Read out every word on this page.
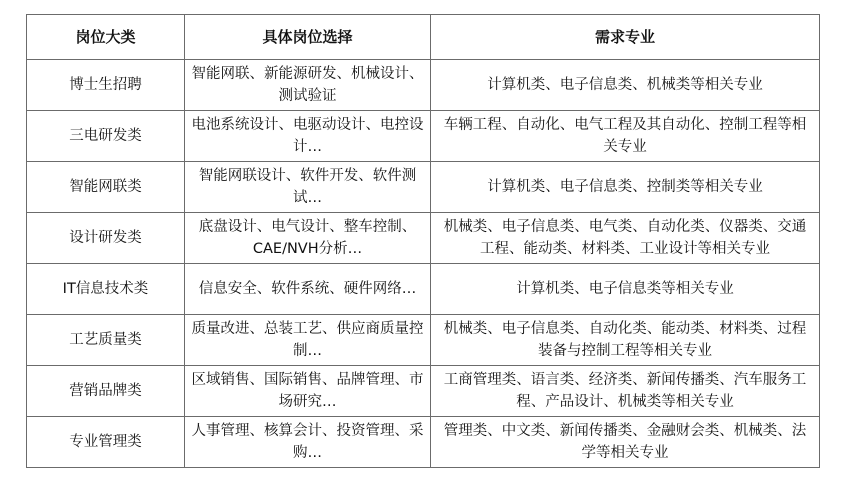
岗位大类	具体岗位选择	需求专业
博士生招聘	智能网联、新能源研发、机械设计、测试验证	计算机类、电子信息类、机械类等相关专业
三电研发类	电池系统设计、电驱动设计、电控设计…	车辆工程、自动化、电气工程及其自动化、控制工程等相关专业
智能网联类	智能网联设计、软件开发、软件测试…	计算机类、电子信息类、控制类等相关专业
设计研发类	底盘设计、电气设计、整车控制、CAE/NVH分析…	机械类、电子信息类、电气类、自动化类、仪器类、交通工程、能动类、材料类、工业设计等相关专业
IT信息技术类	信息安全、软件系统、硬件网络…	计算机类、电子信息类等相关专业
工艺质量类	质量改进、总装工艺、供应商质量控制…	机械类、电子信息类、自动化类、能动类、材料类、过程装备与控制工程等相关专业
营销品牌类	区域销售、国际销售、品牌管理、市场研究…	工商管理类、语言类、经济类、新闻传播类、汽车服务工程、产品设计、机械类等相关专业
专业管理类	人事管理、核算会计、投资管理、采购…	管理类、中文类、新闻传播类、金融财会类、机械类、法学等相关专业
